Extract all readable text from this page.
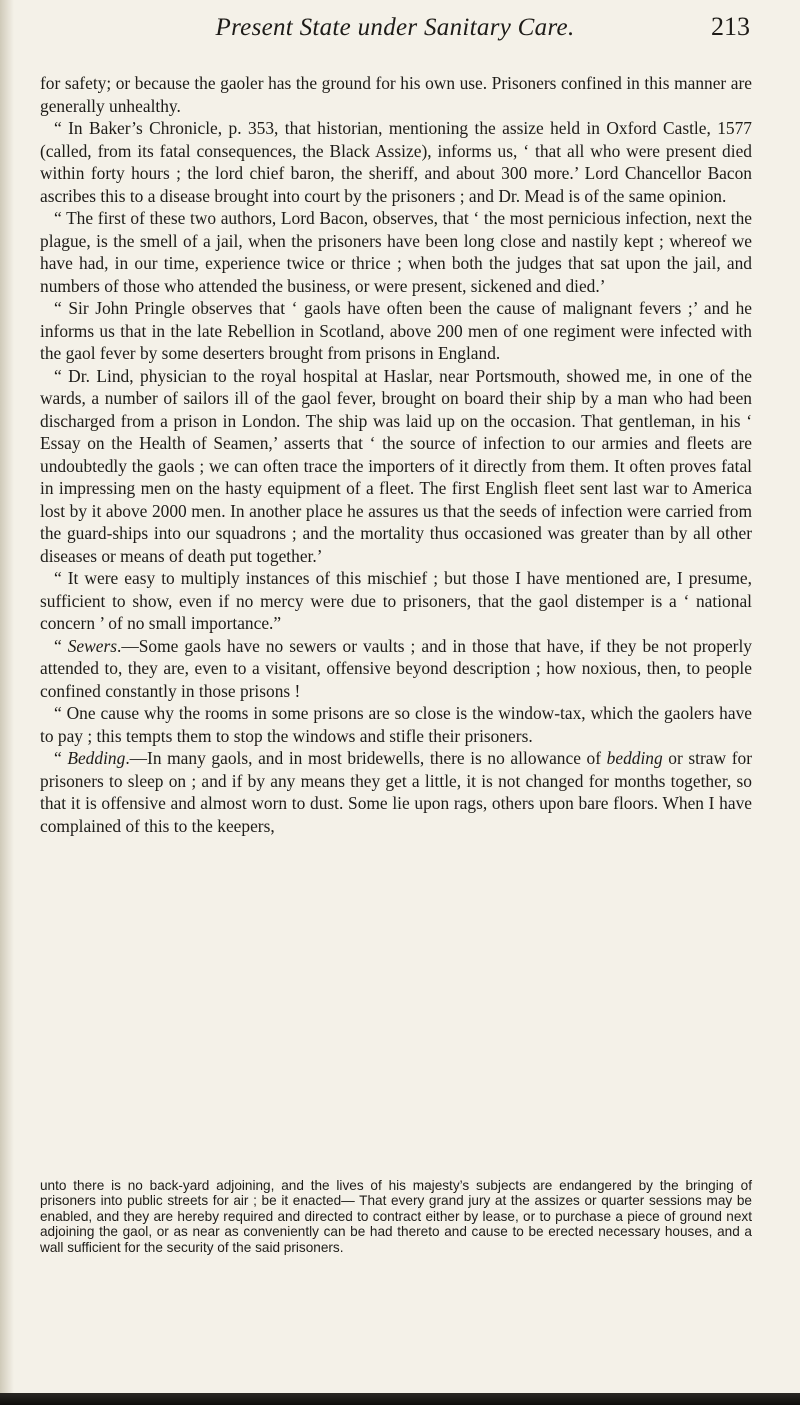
Present State under Sanitary Care.	213

for safety; or because the gaoler has the ground for his own use. Prisoners confined in this manner are generally unhealthy.

“ In Baker’s Chronicle, p. 353, that historian, mentioning the assize held in Oxford Castle, 1577 (called, from its fatal consequences, the Black Assize), informs us, ‘ that all who were present died within forty hours ; the lord chief baron, the sheriff, and about 300 more.’ Lord Chancellor Bacon ascribes this to a disease brought into court by the prisoners ; and Dr. Mead is of the same opinion.

“ The first of these two authors, Lord Bacon, observes, that ‘ the most pernicious infection, next the plague, is the smell of a jail, when the prisoners have been long close and nastily kept ; whereof we have had, in our time, experience twice or thrice ; when both the judges that sat upon the jail, and numbers of those who attended the business, or were present, sickened and died.’

“ Sir John Pringle observes that ‘ gaols have often been the cause of malignant fevers ;’ and he informs us that in the late Rebellion in Scotland, above 200 men of one regiment were infected with the gaol fever by some deserters brought from prisons in England.

“ Dr. Lind, physician to the royal hospital at Haslar, near Portsmouth, showed me, in one of the wards, a number of sailors ill of the gaol fever, brought on board their ship by a man who had been discharged from a prison in London. The ship was laid up on the occasion. That gentleman, in his ‘ Essay on the Health of Seamen,’ asserts that ‘ the source of infection to our armies and fleets are undoubtedly the gaols ; we can often trace the importers of it directly from them. It often proves fatal in impressing men on the hasty equipment of a fleet. The first English fleet sent last war to America lost by it above 2000 men. In another place he assures us that the seeds of infection were carried from the guard-ships into our squadrons ; and the mortality thus occasioned was greater than by all other diseases or means of death put together.’

“ It were easy to multiply instances of this mischief ; but those I have mentioned are, I presume, sufficient to show, even if no mercy were due to prisoners, that the gaol distemper is a ‘ national concern ’ of no small importance.”

“ Sewers.—Some gaols have no sewers or vaults ; and in those that have, if they be not properly attended to, they are, even to a visitant, offensive beyond description ; how noxious, then, to people confined constantly in those prisons !

“ One cause why the rooms in some prisons are so close is the window-tax, which the gaolers have to pay ; this tempts them to stop the windows and stifle their prisoners.

“ Bedding.—In many gaols, and in most bridewells, there is no allowance of bedding or straw for prisoners to sleep on ; and if by any means they get a little, it is not changed for months together, so that it is offensive and almost worn to dust. Some lie upon rags, others upon bare floors. When I have complained of this to the keepers,

unto there is no back-yard adjoining, and the lives of his majesty’s subjects are endangered by the bringing of prisoners into public streets for air ; be it enacted— That every grand jury at the assizes or quarter sessions may be enabled, and they are hereby required and directed to contract either by lease, or to purchase a piece of ground next adjoining the gaol, or as near as conveniently can be had thereto and cause to be erected necessary houses, and a wall sufficient for the security of the said prisoners.
